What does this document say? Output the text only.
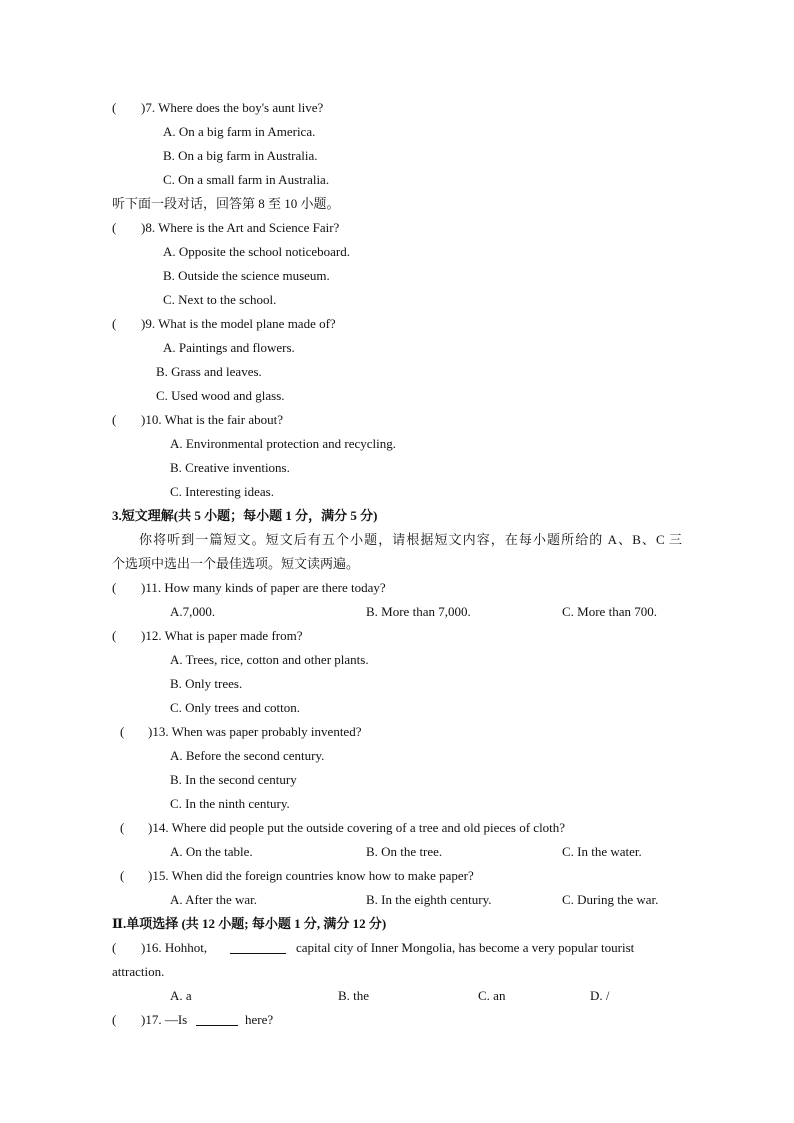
( )7. Where does the boy's aunt live?
A. On a big farm in America.
B. On a big farm in Australia.
C. On a small farm in Australia.
听下面一段对话，回答第 8 至 10 小题。
( )8. Where is the Art and Science Fair?
A. Opposite the school noticeboard.
B. Outside the science museum.
C. Next to the school.
( )9. What is the model plane made of?
A. Paintings and flowers.
B. Grass and leaves.
C. Used wood and glass.
( )10. What is the fair about?
A. Environmental protection and recycling.
B. Creative inventions.
C. Interesting ideas.
3.短文理解(共 5 小题；每小题 1 分，满分 5 分)
你将听到一篇短文。短文后有五个小题，请根据短文内容，在每小题所给的 A、B、C 三
个选项中选出一个最佳选项。短文读两遍。
( )11. How many kinds of paper are there today?
A.7,000.	B. More than 7,000.	C. More than 700.
( )12. What is paper made from?
A. Trees, rice, cotton and other plants.
B. Only trees.
C. Only trees and cotton.
( )13. When was paper probably invented?
A. Before the second century.
B. In the second century
C. In the ninth century.
( )14. Where did people put the outside covering of a tree and old pieces of cloth?
A. On the table.	B. On the tree.	C. In the water.
( )15. When did the foreign countries know how to make paper?
A. After the war.	B. In the eighth century.	C. During the war.
Ⅱ.单项选择 (共 12 小题; 每小题 1 分, 满分 12 分)
( )16. Hohhot,	capital city of Inner Mongolia, has become a very popular tourist
attraction.
A. a	B. the	C. an	D. /
( )17. —Is	here?
